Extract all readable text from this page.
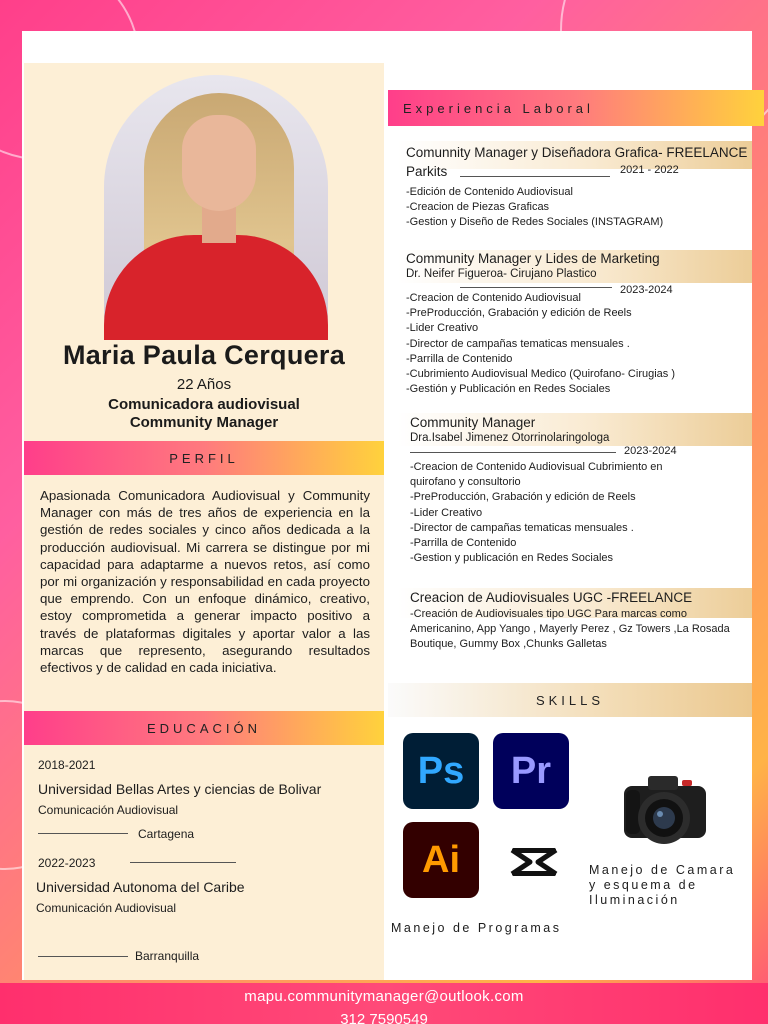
Maria Paula Cerquera
22 Años
Comunicadora audiovisual
Community Manager
PERFIL
Apasionada Comunicadora Audiovisual y Community Manager con más de tres años de experiencia en la gestión de redes sociales y cinco años dedicada a la producción audiovisual. Mi carrera se distingue por mi capacidad para adaptarme a nuevos retos, así como por mi organización y responsabilidad en cada proyecto que emprendo. Con un enfoque dinámico, creativo, estoy comprometida a generar impacto positivo a través de plataformas digitales y aportar valor a las marcas que represento, asegurando resultados efectivos y de calidad en cada iniciativa.
EDUCACIÓN
2018-2021
Universidad Bellas Artes y ciencias de Bolivar
Comunicación Audiovisual
Cartagena
2022-2023
Universidad Autonoma del Caribe
Comunicación Audiovisual
Barranquilla
Experiencia Laboral
Comunnity Manager y Diseñadora Grafica- FREELANCE
Parkits	2021 - 2022
-Edición de Contenido Audiovisual
-Creacion de Piezas Graficas
-Gestion y Diseño de Redes Sociales (INSTAGRAM)
Community Manager y Lides de Marketing
Dr. Neifer Figueroa- Cirujano Plastico
2023-2024
-Creacion de Contenido Audiovisual
-PreProducción, Grabación y edición de Reels
-Lider Creativo
-Director de campañas tematicas mensuales .
-Parrilla de Contenido
-Cubrimiento Audiovisual Medico (Quirofano- Cirugias )
-Gestión y Publicación en Redes Sociales
Community Manager
Dra.Isabel Jimenez Otorrinolaringologa
2023-2024
-Creacion de Contenido Audiovisual Cubrimiento en
quirofano y consultorio
-PreProducción, Grabación y edición de Reels
-Lider Creativo
-Director de campañas tematicas mensuales .
-Parrilla de Contenido
-Gestion y publicación en Redes Sociales
Creacion de Audiovisuales UGC -FREELANCE
-Creación de Audiovisuales tipo UGC Para marcas como
Americanino, App Yango , Mayerly Perez , Gz Towers ,La Rosada
Boutique, Gummy Box ,Chunks Galletas
SKILLS
Ps	Pr
Ai	Manejo de Camara
y esquema de
Iluminación
Manejo de Programas
mapu.communitymanager@outlook.com
312 7590549
